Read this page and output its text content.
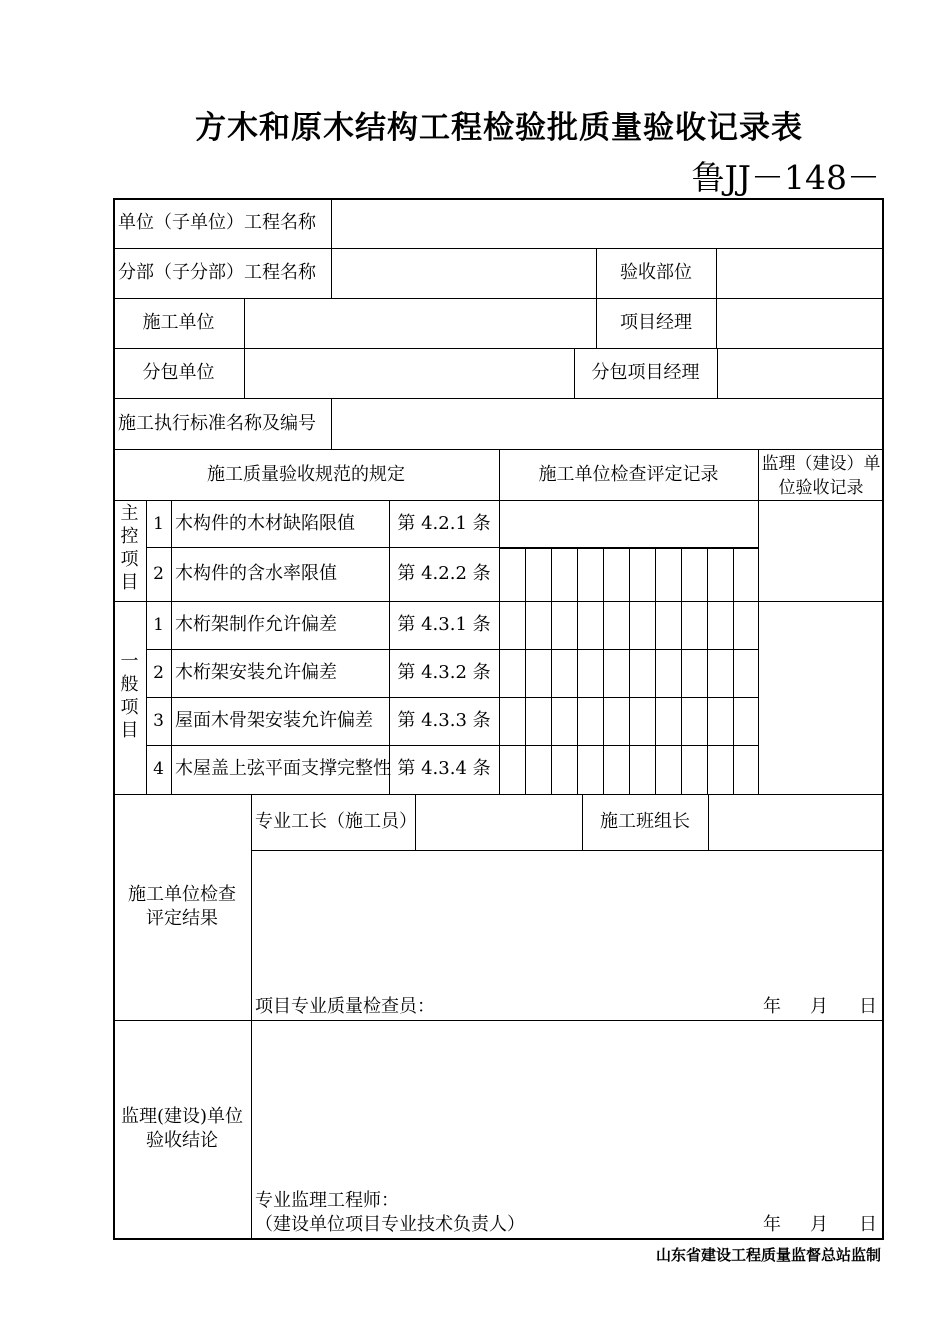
方木和原木结构工程检验批质量验收记录表
鲁JJ－148－
单位（子单位）工程名称
分部（子分部）工程名称	验收部位
施工单位	项目经理
分包单位	分包项目经理
施工执行标准名称及编号
施工质量验收规范的规定	施工单位检查评定记录	监理（建设）单
位验收记录
主
控
项
目
1 木构件的木材缺陷限值	第 4.2.1 条
2 木构件的含水率限值	第 4.2.2 条
一
般
项
目
1 木桁架制作允许偏差	第 4.3.1 条
2 木桁架安装允许偏差	第 4.3.2 条
3 屋面木骨架安装允许偏差	第 4.3.3 条
4 木屋盖上弦平面支撑完整性 第 4.3.4 条
施工单位检查
评定结果
专业工长（施工员）	施工班组长
项目专业质量检查员：	年 月 日
监理(建设)单位
验收结论
专业监理工程师：
（建设单位项目专业技术负责人）	年 月 日
山东省建设工程质量监督总站监制
